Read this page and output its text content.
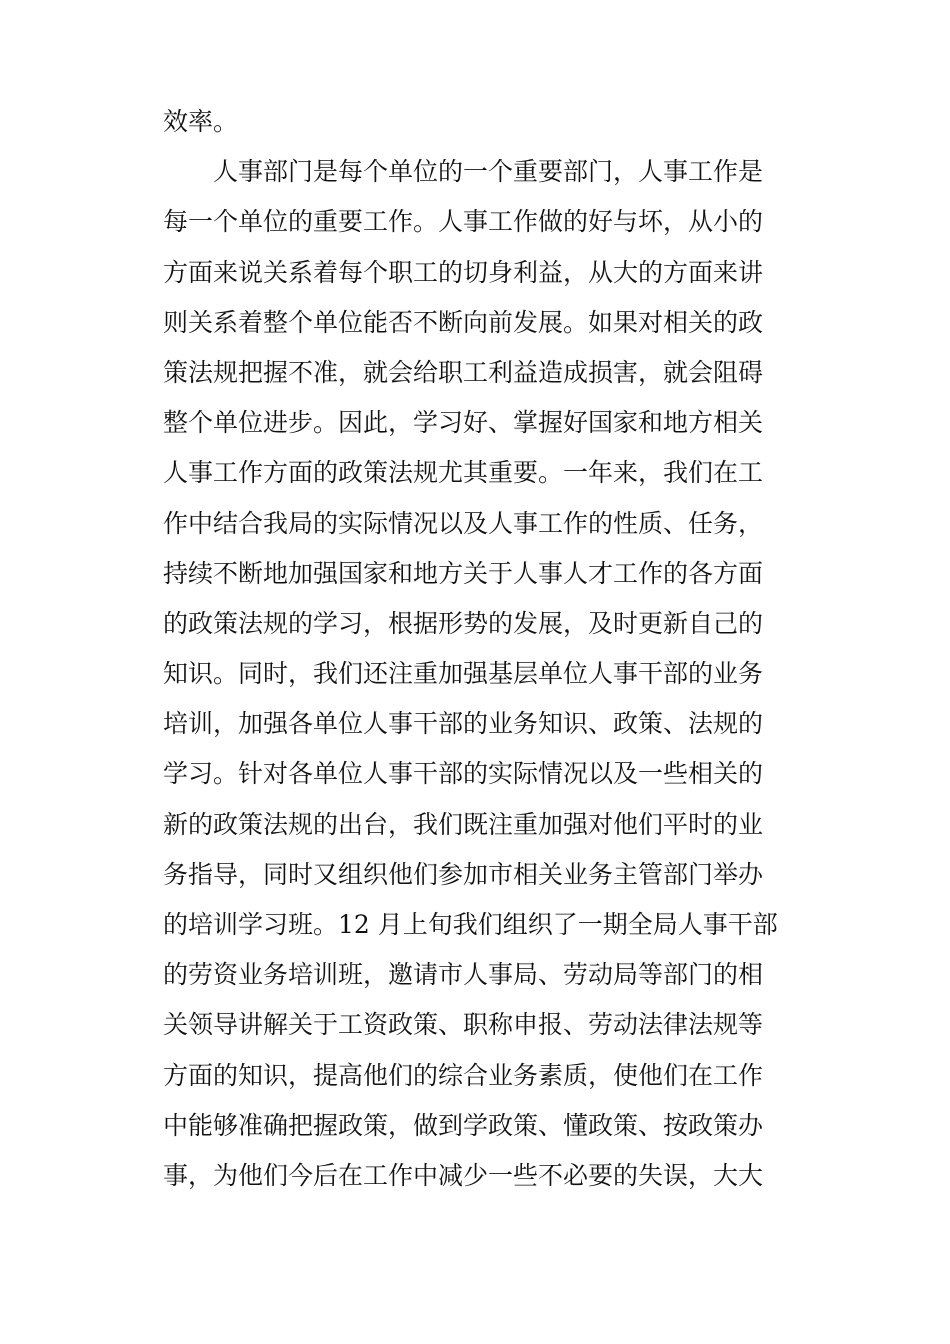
效率。
人事部门是每个单位的一个重要部门，人事工作是
每一个单位的重要工作。人事工作做的好与坏，从小的
方面来说关系着每个职工的切身利益，从大的方面来讲
则关系着整个单位能否不断向前发展。如果对相关的政
策法规把握不准，就会给职工利益造成损害，就会阻碍
整个单位进步。因此，学习好、掌握好国家和地方相关
人事工作方面的政策法规尤其重要。一年来，我们在工
作中结合我局的实际情况以及人事工作的性质、任务，
持续不断地加强国家和地方关于人事人才工作的各方面
的政策法规的学习，根据形势的发展，及时更新自己的
知识。同时，我们还注重加强基层单位人事干部的业务
培训，加强各单位人事干部的业务知识、政策、法规的
学习。针对各单位人事干部的实际情况以及一些相关的
新的政策法规的出台，我们既注重加强对他们平时的业
务指导，同时又组织他们参加市相关业务主管部门举办
的培训学习班。12 月上旬我们组织了一期全局人事干部
的劳资业务培训班，邀请市人事局、劳动局等部门的相
关领导讲解关于工资政策、职称申报、劳动法律法规等
方面的知识，提高他们的综合业务素质，使他们在工作
中能够准确把握政策，做到学政策、懂政策、按政策办
事，为他们今后在工作中减少一些不必要的失误，大大
